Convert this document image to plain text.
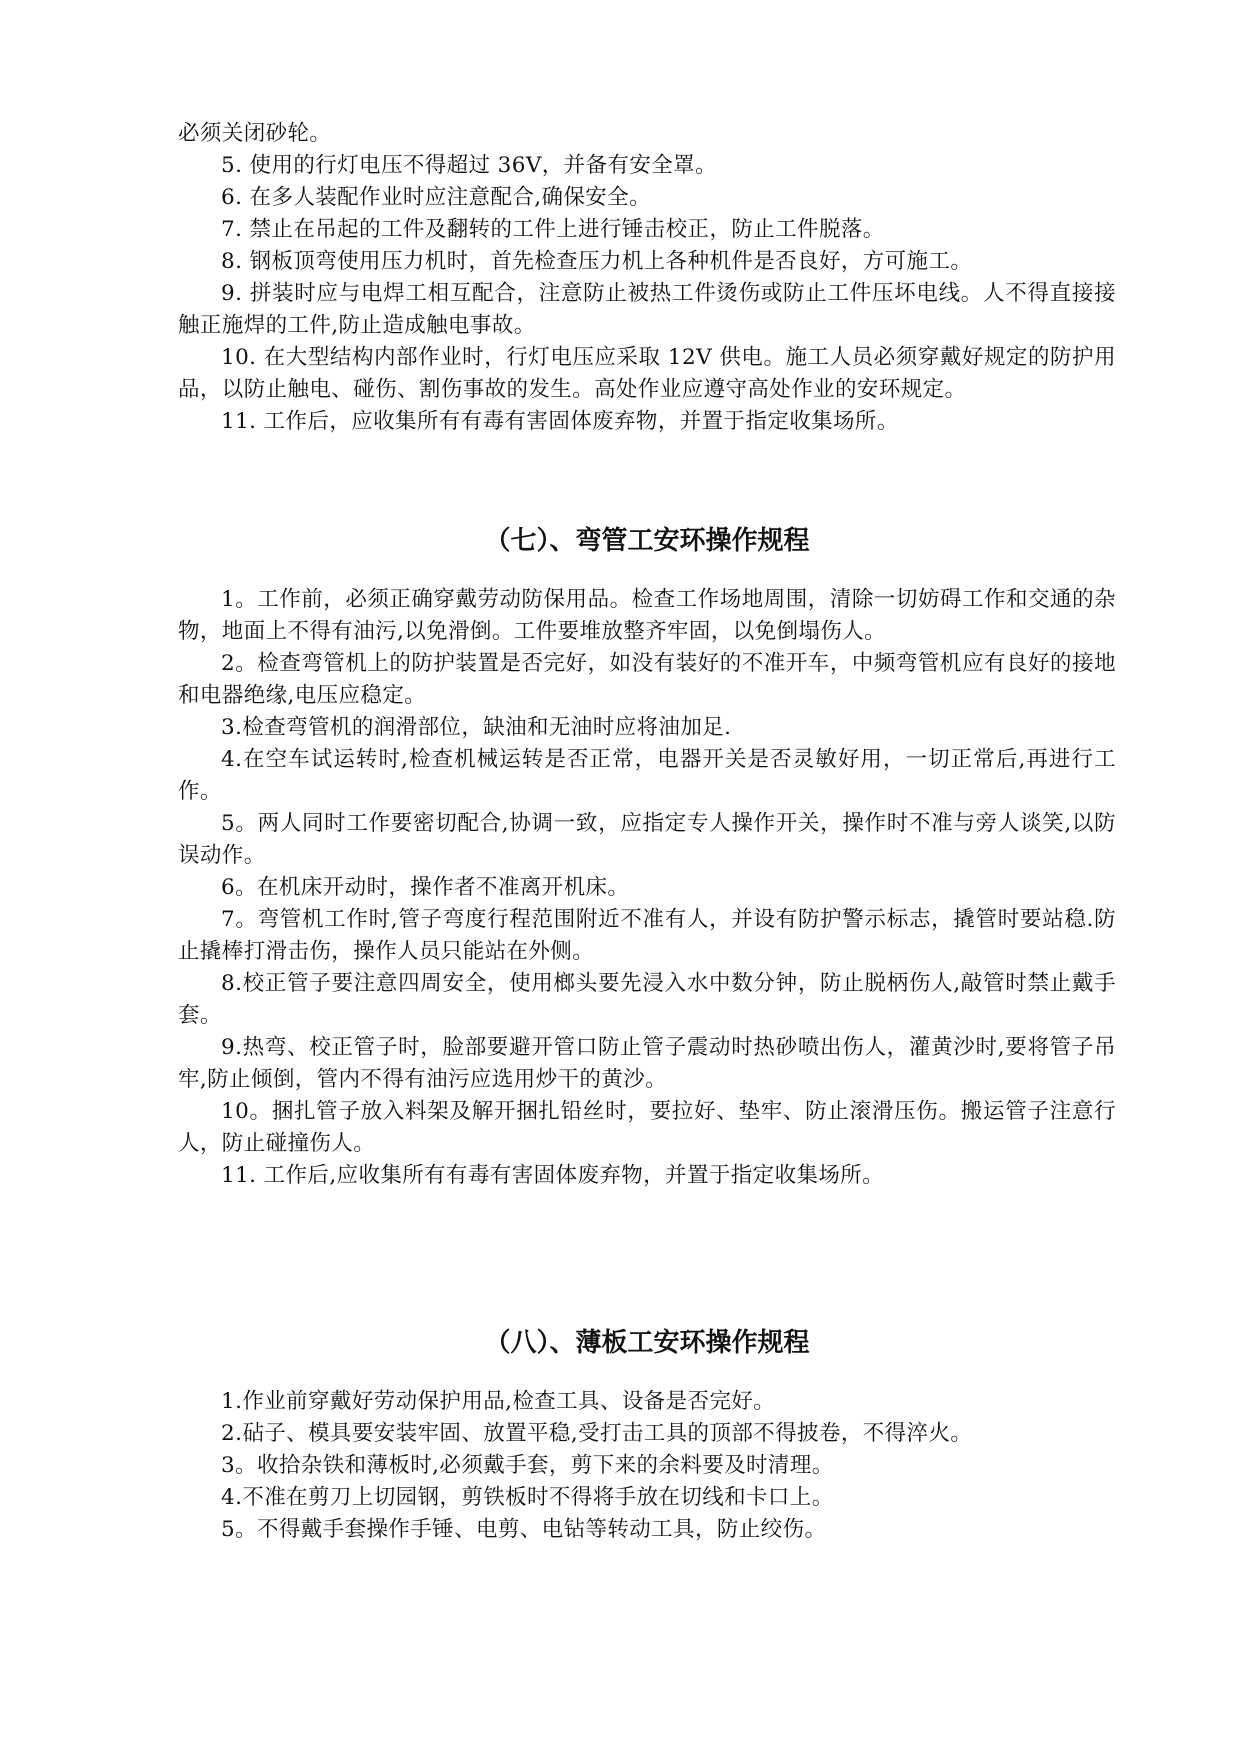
必须关闭砂轮。

5. 使用的行灯电压不得超过 36V，并备有安全罩。

6. 在多人装配作业时应注意配合,确保安全。

7. 禁止在吊起的工件及翻转的工件上进行锤击校正，防止工件脱落。

8. 钢板顶弯使用压力机时，首先检查压力机上各种机件是否良好，方可施工。

9. 拼装时应与电焊工相互配合，注意防止被热工件烫伤或防止工件压坏电线。人不得直接接触正施焊的工件,防止造成触电事故。

10. 在大型结构内部作业时，行灯电压应采取 12V 供电。施工人员必须穿戴好规定的防护用品，以防止触电、碰伤、割伤事故的发生。高处作业应遵守高处作业的安环规定。

11. 工作后，应收集所有有毒有害固体废弃物，并置于指定收集场所。

（七）、弯管工安环操作规程

1。工作前，必须正确穿戴劳动防保用品。检查工作场地周围，清除一切妨碍工作和交通的杂物，地面上不得有油污,以免滑倒。工件要堆放整齐牢固，以免倒塌伤人。

2。检查弯管机上的防护装置是否完好，如没有装好的不准开车，中频弯管机应有良好的接地和电器绝缘,电压应稳定。

3.检查弯管机的润滑部位，缺油和无油时应将油加足.

4.在空车试运转时,检查机械运转是否正常，电器开关是否灵敏好用，一切正常后,再进行工作。

5。两人同时工作要密切配合,协调一致，应指定专人操作开关，操作时不准与旁人谈笑,以防误动作。

6。在机床开动时，操作者不准离开机床。

7。弯管机工作时,管子弯度行程范围附近不准有人，并设有防护警示标志，撬管时要站稳.防止撬棒打滑击伤，操作人员只能站在外侧。

8.校正管子要注意四周安全，使用榔头要先浸入水中数分钟，防止脱柄伤人,敲管时禁止戴手套。

9.热弯、校正管子时，脸部要避开管口防止管子震动时热砂喷出伤人，灌黄沙时,要将管子吊牢,防止倾倒，管内不得有油污应选用炒干的黄沙。

10。捆扎管子放入料架及解开捆扎铅丝时，要拉好、垫牢、防止滚滑压伤。搬运管子注意行人，防止碰撞伤人。

11. 工作后,应收集所有有毒有害固体废弃物，并置于指定收集场所。

（八）、薄板工安环操作规程

1.作业前穿戴好劳动保护用品,检查工具、设备是否完好。

2.砧子、模具要安装牢固、放置平稳,受打击工具的顶部不得披卷，不得淬火。

3。收拾杂铁和薄板时,必须戴手套，剪下来的余料要及时清理。

4.不准在剪刀上切园钢，剪铁板时不得将手放在切线和卡口上。

5。不得戴手套操作手锤、电剪、电钻等转动工具，防止绞伤。
